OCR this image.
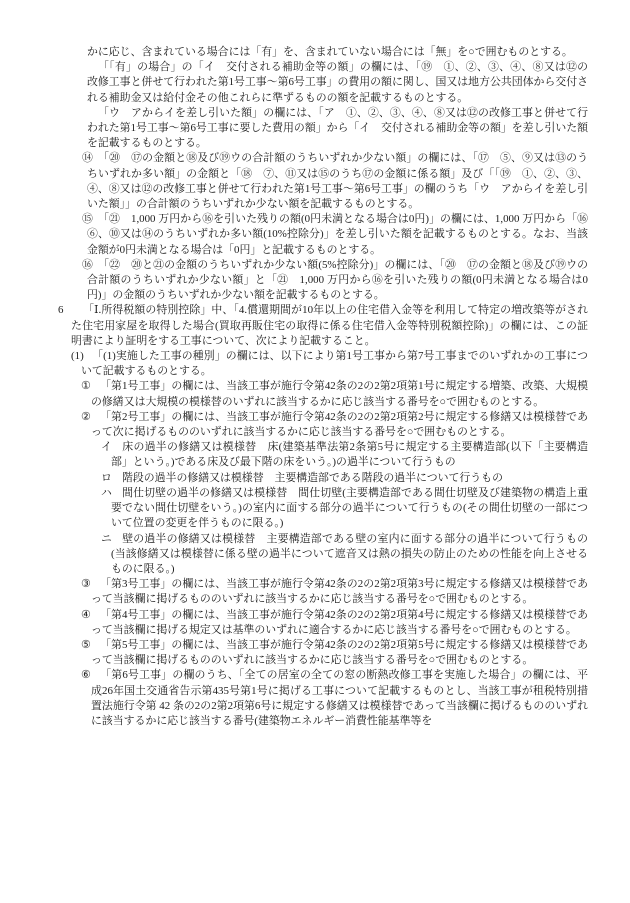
かに応じ、含まれている場合には「有」を、含まれていない場合には「無」を○で囲むものとする。

「「有」の場合」の「イ　交付される補助金等の額」の欄には、「⑲　①、②、③、④、⑧又は⑫の改修工事と併せて行われた第1号工事〜第6号工事」の費用の額に関し、国又は地方公共団体から交付される補助金又は給付金その他これらに準ずるものの額を記載するものとする。

「ウ　アからイを差し引いた額」の欄には、「ア　①、②、③、④、⑧又は⑫の改修工事と併せて行われた第1号工事〜第6号工事に要した費用の額」から「イ　交付される補助金等の額」を差し引いた額を記載するものとする。

⑭ 「⑳　⑰の金額と⑱及び⑲ウの合計額のうちいずれか少ない額」の欄には、「⑰　⑤、⑨又は⑬のうちいずれか多い額」の金額と「⑱　⑦、⑪又は⑮のうち⑰の金額に係る額」及び「「⑲　①、②、③、④、⑧又は⑫の改修工事と併せて行われた第1号工事〜第6号工事」の欄のうち「ウ　アからイを差し引いた額」」の合計額のうちいずれか少ない額を記載するものとする。

⑮ 「㉑　1,000 万円から⑯を引いた残りの額(0円未満となる場合は0円)」の欄には、1,000 万円から「⑯　⑥、⑩又は⑭のうちいずれか多い額(10%控除分)」を差し引いた額を記載するものとする。なお、当該金額が0円未満となる場合は「0円」と記載するものとする。

⑯ 「㉒　⑳と㉑の金額のうちいずれか少ない額(5%控除分)」の欄には、「⑳　⑰の金額と⑱及び⑲ウの合計額のうちいずれか少ない額」と「㉑　1,000 万円から⑯を引いた残りの額(0円未満となる場合は0円)」の金額のうちいずれか少ない額を記載するものとする。

6 「Ⅰ.所得税額の特別控除」中、「4.償還期間が10年以上の住宅借入金等を利用して特定の増改築等がされた住宅用家屋を取得した場合(買取再販住宅の取得に係る住宅借入金等特別税額控除)」の欄には、この証明書により証明をする工事について、次により記載すること。

(1) 「(1)実施した工事の種別」の欄には、以下により第1号工事から第7号工事までのいずれかの工事について記載するものとする。

① 「第1号工事」の欄には、当該工事が施行令第42条の2の2第2項第1号に規定する増築、改築、大規模の修繕又は大規模の模様替のいずれに該当するかに応じ該当する番号を○で囲むものとする。

② 「第2号工事」の欄には、当該工事が施行令第42条の2の2第2項第2号に規定する修繕又は模様替であって次に掲げるもののいずれに該当するかに応じ該当する番号を○で囲むものとする。

イ 床の過半の修繕又は模様替　床(建築基準法第2条第5号に規定する主要構造部(以下「主要構造部」という。)である床及び最下階の床をいう。)の過半について行うもの

ロ 階段の過半の修繕又は模様替　主要構造部である階段の過半について行うもの

ハ 間仕切壁の過半の修繕又は模様替　間仕切壁(主要構造部である間仕切壁及び建築物の構造上重要でない間仕切壁をいう。)の室内に面する部分の過半について行うもの(その間仕切壁の一部について位置の変更を伴うものに限る。)

ニ 壁の過半の修繕又は模様替　主要構造部である壁の室内に面する部分の過半について行うもの(当該修繕又は模様替に係る壁の過半について遮音又は熱の損失の防止のための性能を向上させるものに限る。)

③ 「第3号工事」の欄には、当該工事が施行令第42条の2の2第2項第3号に規定する修繕又は模様替であって当該欄に掲げるもののいずれに該当するかに応じ該当する番号を○で囲むものとする。

④ 「第4号工事」の欄には、当該工事が施行令第42条の2の2第2項第4号に規定する修繕又は模様替であって当該欄に掲げる規定又は基準のいずれに適合するかに応じ該当する番号を○で囲むものとする。

⑤ 「第5号工事」の欄には、当該工事が施行令第42条の2の2第2項第5号に規定する修繕又は模様替であって当該欄に掲げるもののいずれに該当するかに応じ該当する番号を○で囲むものとする。

⑥ 「第6号工事」の欄のうち、「全ての居室の全ての窓の断熱改修工事を実施した場合」の欄には、平成26年国土交通省告示第435号第1号に掲げる工事について記載するものとし、当該工事が租税特別措置法施行令第 42 条の2の2第2項第6号に規定する修繕又は模様替であって当該欄に掲げるもののいずれに該当するかに応じ該当する番号(建築物エネルギー消費性能基準等を
